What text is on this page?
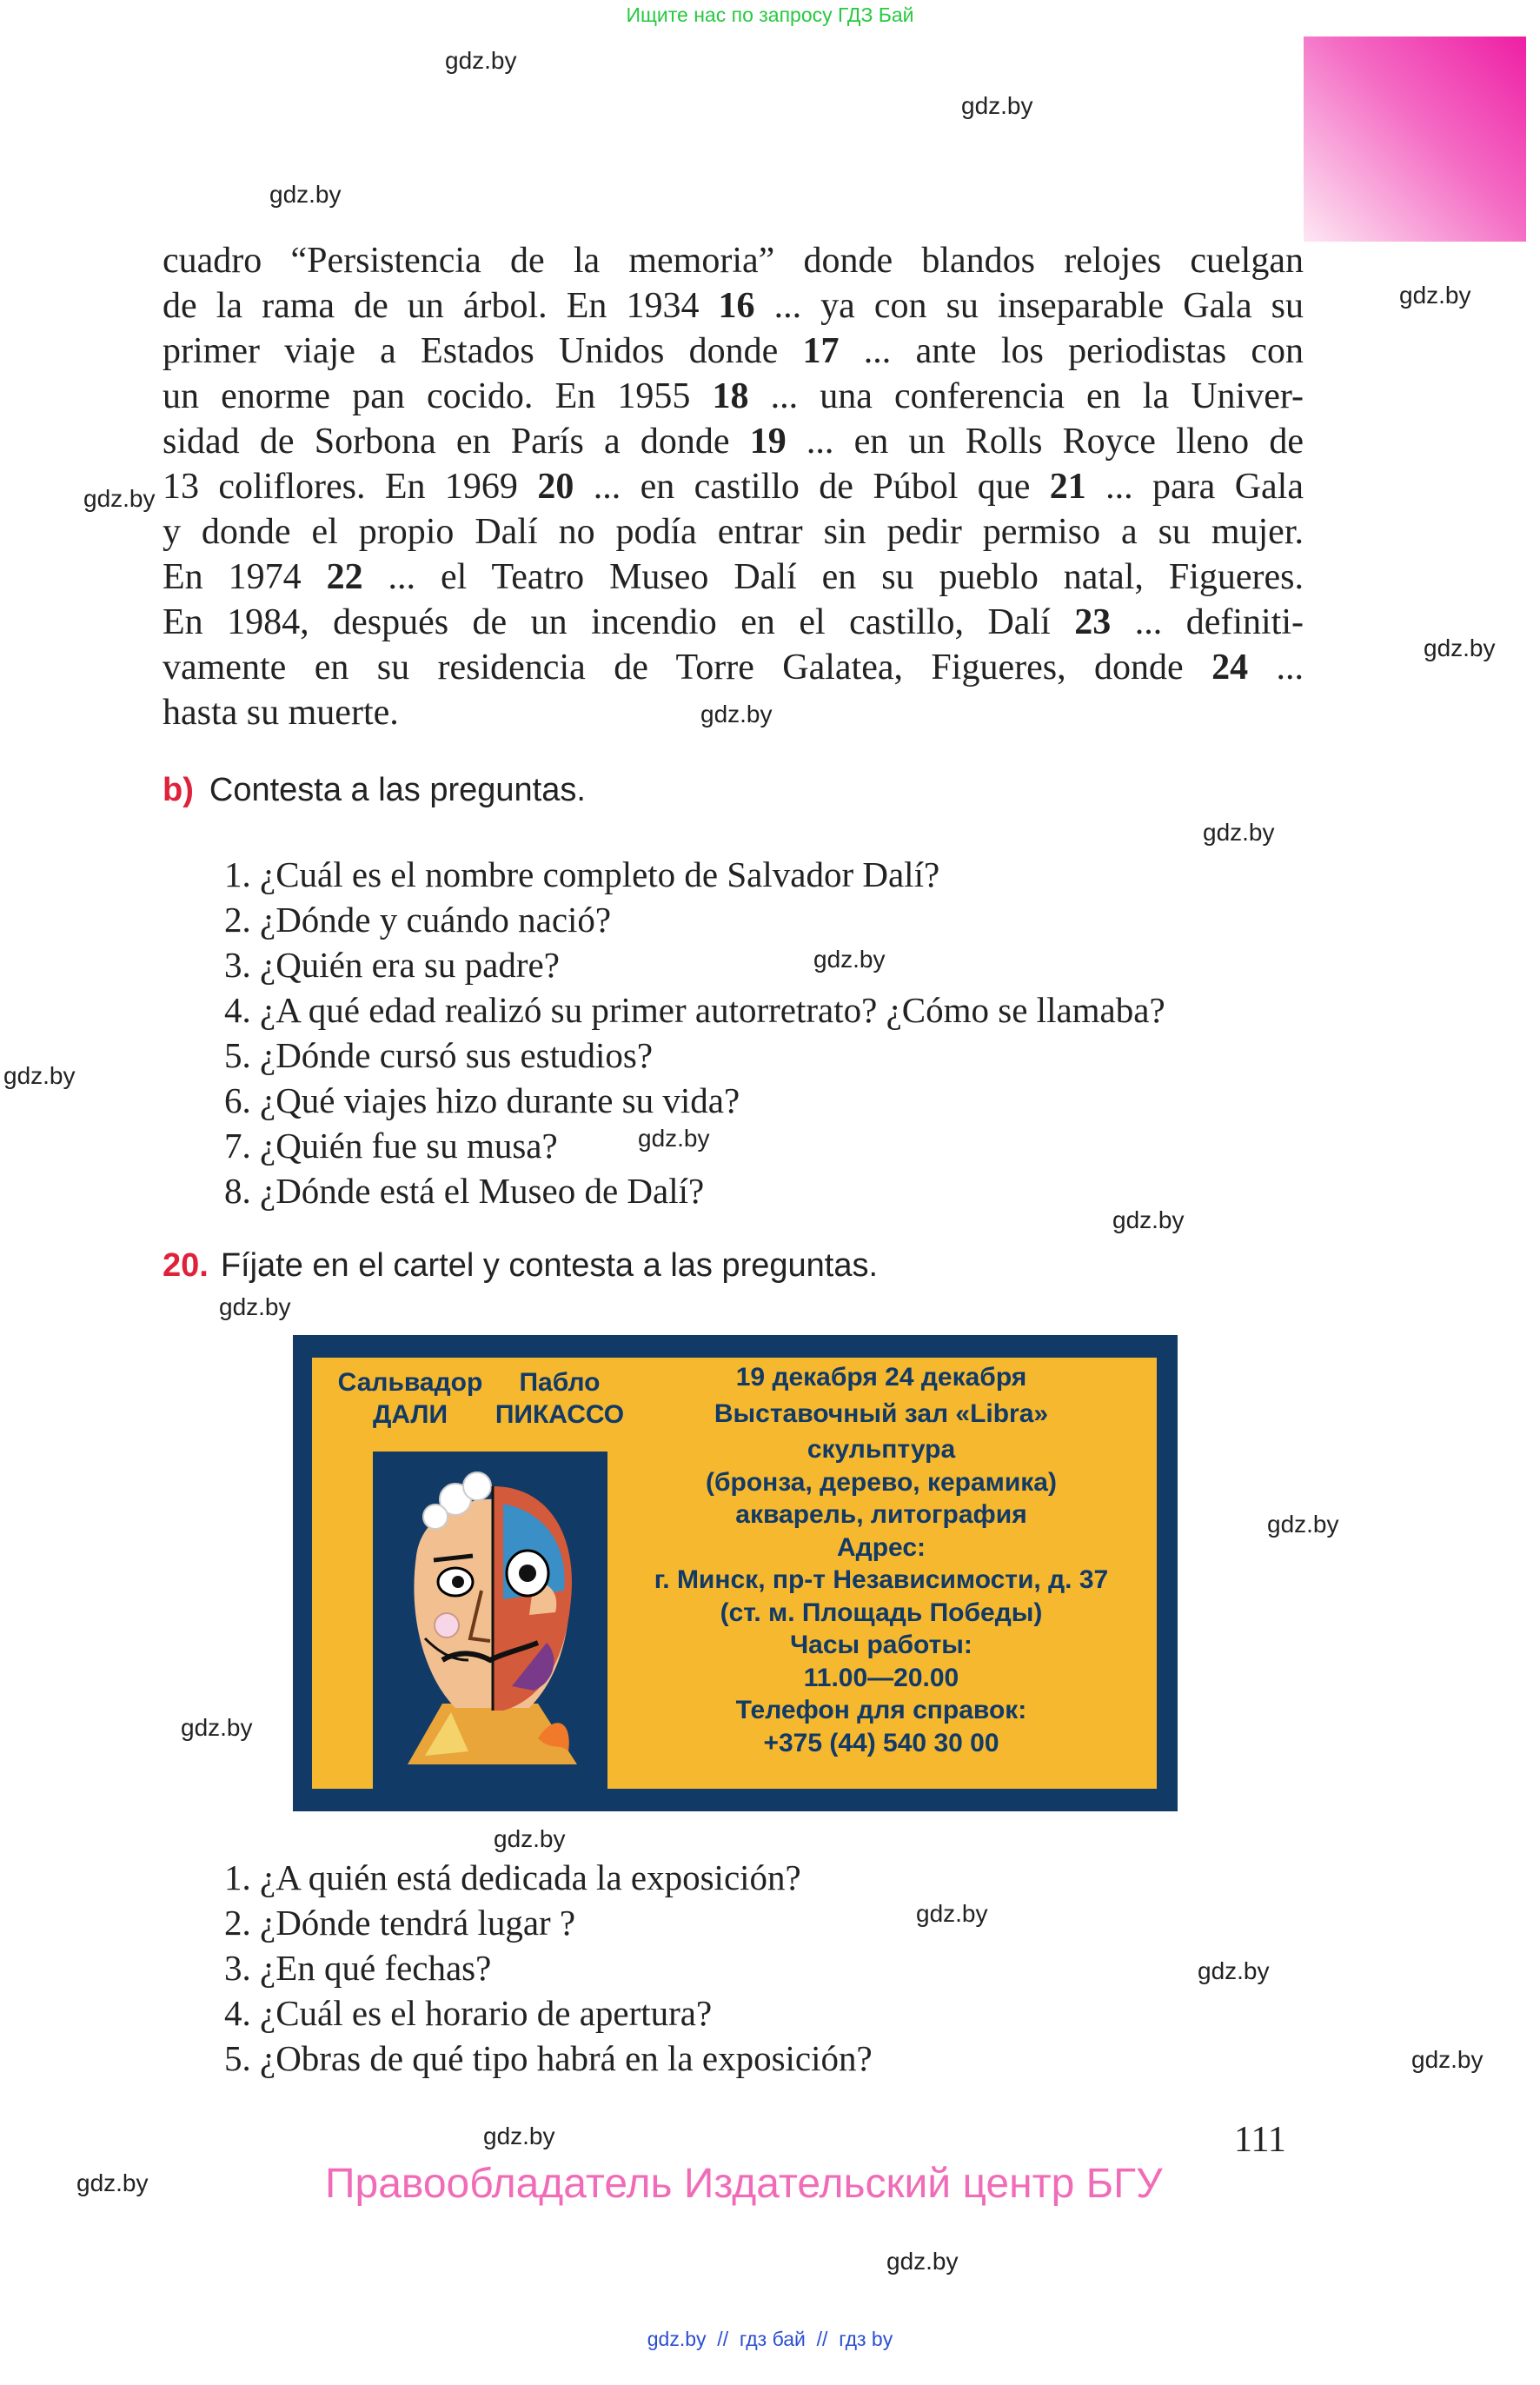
Ищите нас по запросу ГДЗ Бай
gdz.by
gdz.by
gdz.by
gdz.by
gdz.by
gdz.by
gdz.by
gdz.by
gdz.by
gdz.by
gdz.by
gdz.by
gdz.by
gdz.by
gdz.by
gdz.by
gdz.by
gdz.by
gdz.by
gdz.by
gdz.by
gdz.by
cuadro “Persistencia de la memoria” donde blandos relojes cuelgan
de la rama de un árbol. En 1934 16 ... ya con su inseparable Gala su
primer viaje a Estados Unidos donde 17 ... ante los periodistas con
un enorme pan cocido. En 1955 18 ... una conferencia en la Univer-
sidad de Sorbona en París a donde 19 ... en un Rolls Royce lleno de
13 coliflores. En 1969 20 ... en castillo de Púbol que 21 ... para Gala
y donde el propio Dalí no podía entrar sin pedir permiso a su mujer.
En 1974 22 ... el Teatro Museo Dalí en su pueblo natal, Figueres.
En 1984, después de un incendio en el castillo, Dalí 23 ... definiti-
vamente en su residencia de Torre Galatea, Figueres, donde 24 ...
hasta su muerte.
b) Contesta a las preguntas.
1. ¿Cuál es el nombre completo de Salvador Dalí?
2. ¿Dónde y cuándo nació?
3. ¿Quién era su padre?
4. ¿A qué edad realizó su primer autorretrato? ¿Cómo se llamaba?
5. ¿Dónde cursó sus estudios?
6. ¿Qué viajes hizo durante su vida?
7. ¿Quién fue su musa?
8. ¿Dónde está el Museo de Dalí?
20. Fíjate en el cartel y contesta a las preguntas.
Сальвадор
ДАЛИ
Пабло
ПИКАССО
19 декабря 24 декабря
Выставочный зал «Libra»
скульптура
(бронза, дерево, керамика)
акварель, литография
Адрес:
г. Минск, пр-т Независимости, д. 37
(ст. м. Площадь Победы)
Часы работы:
11.00—20.00
Телефон для справок:
+375 (44) 540 30 00
1. ¿A quién está dedicada la exposición?
2. ¿Dónde tendrá lugar ?
3. ¿En qué fechas?
4. ¿Cuál es el horario de apertura?
5. ¿Obras de qué tipo habrá en la exposición?
111
Правообладатель Издательский центр БГУ
gdz.by  //  гдз бай  //  гдз by
